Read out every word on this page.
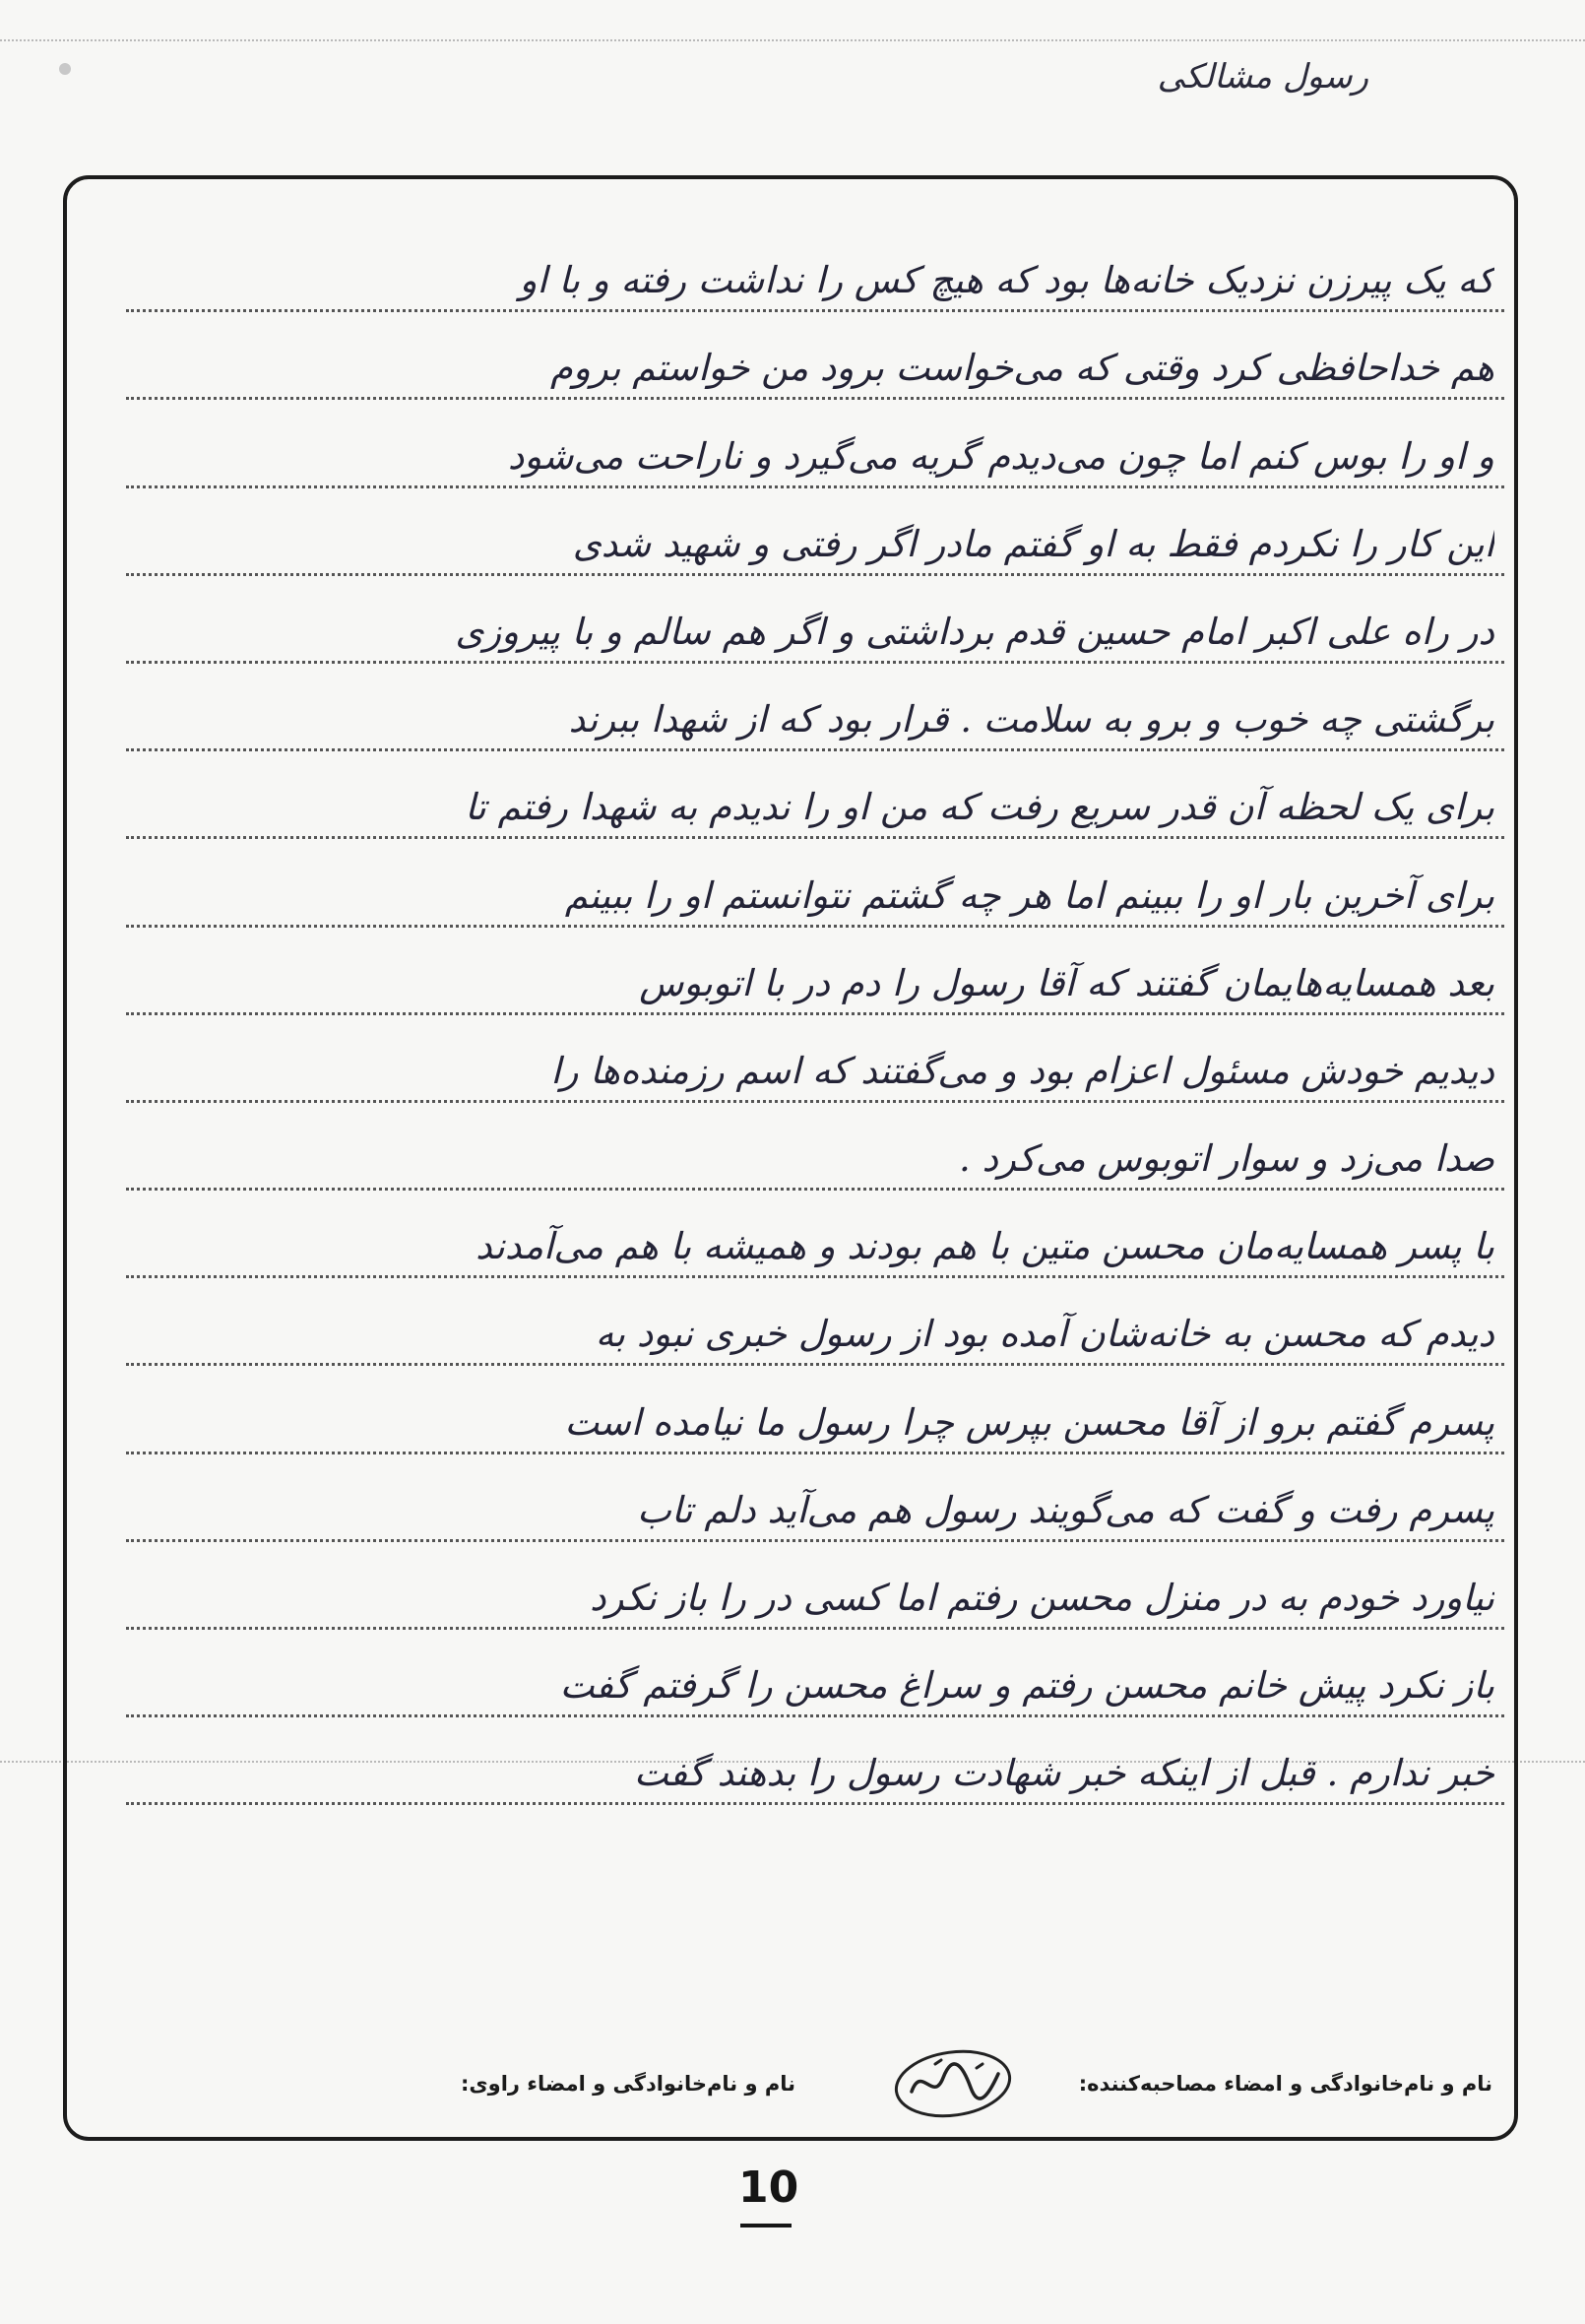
رسول مشالکی
که یک پیرزن نزدیک خانه‌ها بود که هیچ کس را نداشت رفته و با او
هم خداحافظی کرد وقتی که می‌خواست برود من خواستم بروم
و او را بوس کنم اما چون می‌دیدم گریه می‌گیرد و ناراحت می‌شود
این کار را نکردم فقط به او گفتم مادر اگر رفتی و شهید شدی
در راه علی اکبر امام حسین قدم برداشتی و اگر هم سالم و با پیروزی
برگشتی چه خوب و برو به سلامت . قرار بود که از شهدا ببرند
برای یک لحظه آن قدر سریع رفت که من او را ندیدم به شهدا رفتم تا
برای آخرین بار او را ببینم اما هر چه گشتم نتوانستم او را ببینم
بعد همسایه‌هایمان گفتند که آقا رسول را دم در با اتوبوس
دیدیم خودش مسئول اعزام بود و می‌گفتند که اسم رزمنده‌ها را
صدا می‌زد و سوار اتوبوس می‌کرد .
با پسر همسایه‌مان محسن متین با هم بودند و همیشه با هم می‌آمدند
دیدم که محسن به خانه‌شان آمده بود از رسول خبری نبود به
پسرم گفتم برو از آقا محسن بپرس چرا رسول ما نیامده است
پسرم رفت و گفت که می‌گویند رسول هم می‌آید دلم تاب
نیاورد خودم به در منزل محسن رفتم اما کسی در را باز نکرد
باز نکرد پیش خانم محسن رفتم و سراغ محسن را گرفتم گفت
خبر ندارم . قبل از اینکه خبر شهادت رسول را بدهند گفت
نام و نام‌خانوادگی و امضاء مصاحبه‌کننده:
نام و نام‌خانوادگی و امضاء راوی:
10
